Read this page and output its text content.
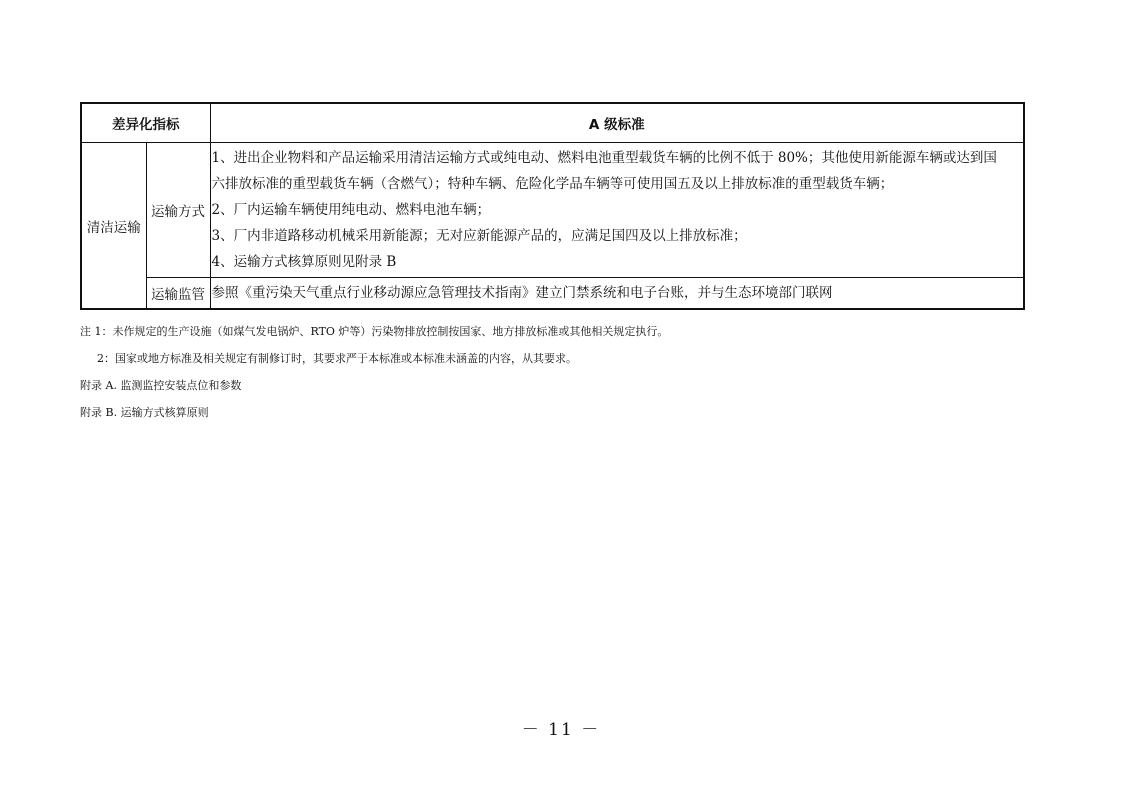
差异化指标		A 级标准
清洁运输	运输方式	1、进出企业物料和产品运输采用清洁运输方式或纯电动、燃料电池重型载货车辆的比例不低于 80%；其他使用新能源车辆或达到国
六排放标准的重型载货车辆（含燃气）；特种车辆、危险化学品车辆等可使用国五及以上排放标准的重型载货车辆；
2、厂内运输车辆使用纯电动、燃料电池车辆；
3、厂内非道路移动机械采用新能源；无对应新能源产品的，应满足国四及以上排放标准；
4、运输方式核算原则见附录 B

	运输监管	参照《重污染天气重点行业移动源应急管理技术指南》建立门禁系统和电子台账，并与生态环境部门联网
注 1：未作规定的生产设施（如煤气发电锅炉、RTO 炉等）污染物排放控制按国家、地方排放标准或其他相关规定执行。
2：国家或地方标准及相关规定有制修订时，其要求严于本标准或本标准未涵盖的内容，从其要求。
附录 A. 监测监控安装点位和参数
附录 B. 运输方式核算原则
－ 11 －
